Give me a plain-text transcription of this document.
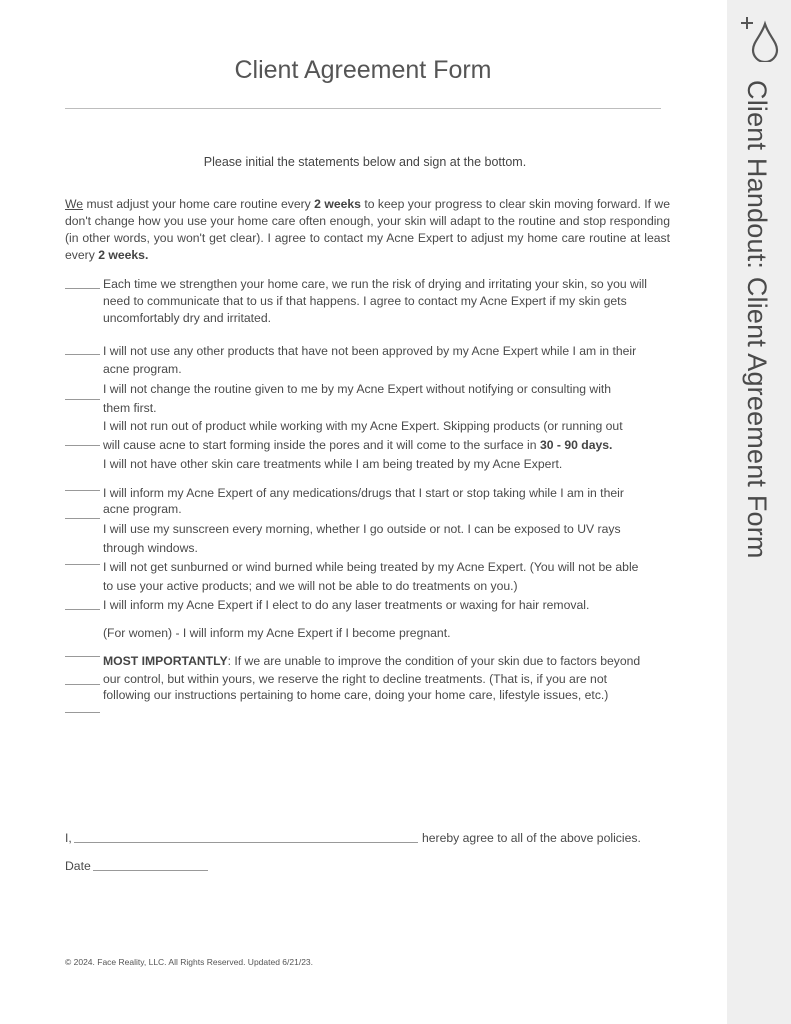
Client Handout: Client Agreement Form
Client Agreement Form
Please initial the statements below and sign at the bottom.
We must adjust your home care routine every 2 weeks to keep your progress to clear skin moving forward. If we don't change how you use your home care often enough, your skin will adapt to the routine and stop responding (in other words, you won't get clear). I agree to contact my Acne Expert to adjust my home care routine at least every 2 weeks.
Each time we strengthen your home care, we run the risk of drying and irritating your skin, so you will need to communicate that to us if that happens. I agree to contact my Acne Expert if my skin gets uncomfortably dry and irritated.
I will not use any other products that have not been approved by my Acne Expert while I am in their
acne program.
I will not change the routine given to me by my Acne Expert without notifying or consulting with
them first.
I will not run out of product while working with my Acne Expert. Skipping products (or running out
will cause acne to start forming inside the pores and it will come to the surface in 30 - 90 days.
I will not have other skin care treatments while I am being treated by my Acne Expert.
I will inform my Acne Expert of any medications/drugs that I start or stop taking while I am in their
acne program.
I will use my sunscreen every morning, whether I go outside or not. I can be exposed to UV rays
through windows.
I will not get sunburned or wind burned while being treated by my Acne Expert. (You will not be able
to use your active products; and we will not be able to do treatments on you.)
I will inform my Acne Expert if I elect to do any laser treatments or waxing for hair removal.
(For women) - I will inform my Acne Expert if I become pregnant.
MOST IMPORTANTLY: If we are unable to improve the condition of your skin due to factors beyond
our control, but within yours, we reserve the right to decline treatments. (That is, if you are not
following our instructions pertaining to home care, doing your home care, lifestyle issues, etc.)
I,	hereby agree to all of the above policies.
Date
© 2024. Face Reality, LLC. All Rights Reserved. Updated 6/21/23.
